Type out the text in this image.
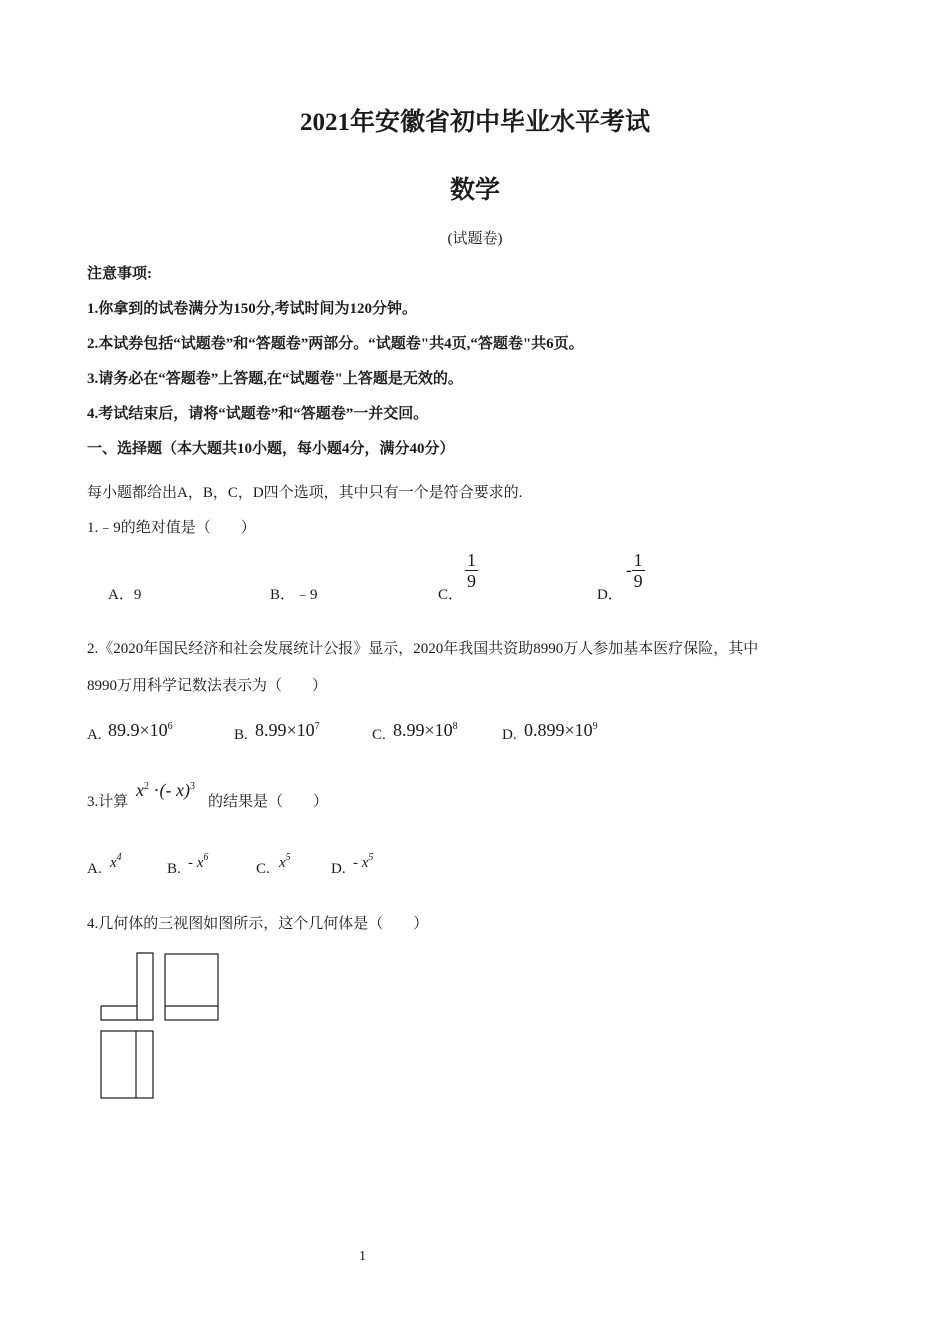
2021年安徽省初中毕业水平考试
数学
(试题卷)
注意事项:
1.你拿到的试卷满分为150分,考试时间为120分钟。
2.本试券包括“试题卷”和“答题卷”两部分。“试题卷"共4页,“答题卷"共6页。
3.请务必在“答题卷”上答题,在“试题卷"上答题是无效的。
4.考试结束后，请将“试题卷”和“答题卷”一并交回。
一、选择题（本大题共10小题，每小题4分，满分40分）
每小题都给出A，B，C，D四个选项，其中只有一个是符合要求的.
1.﹣9的绝对值是（　　）
A．9	B．﹣9	C．
$\frac{1}{9}$
D．
- $\frac{1}{9}$
2.《2020年国民经济和社会发展统计公报》显示，2020年我国共资助8990万人参加基本医疗保险，其中
8990万用科学记数法表示为（　　）
A. $89.9\times 10^6$
B. $8.99\times 10^7$
C. $8.99\times 10^8$
D. $0.899\times 10^9$
3.计算
$x^2$ ·(- x)$^3$
的结果是（　　）
A. $x^4$
B. - $x^6$
C. $x^5$
D. - $x^5$
4.几何体的三视图如图所示，这个几何体是（　　）
1
